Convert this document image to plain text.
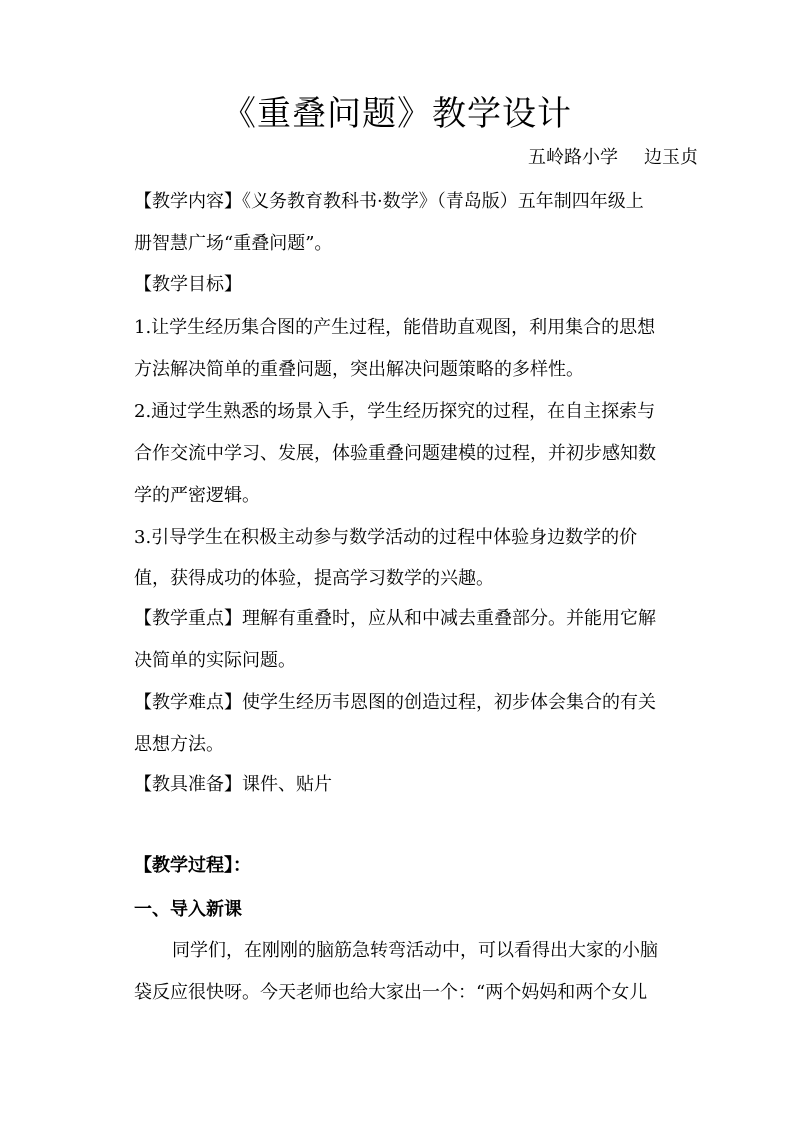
《重叠问题》教学设计
五岭路小学 边玉贞
【教学内容】《义务教育教科书·数学》（青岛版）五年制四年级上
册智慧广场“重叠问题”。
【教学目标】
1.让学生经历集合图的产生过程，能借助直观图，利用集合的思想
方法解决简单的重叠问题，突出解决问题策略的多样性。
2.通过学生熟悉的场景入手，学生经历探究的过程，在自主探索与
合作交流中学习、发展，体验重叠问题建模的过程，并初步感知数
学的严密逻辑。
3.引导学生在积极主动参与数学活动的过程中体验身边数学的价
值，获得成功的体验，提高学习数学的兴趣。
【教学重点】理解有重叠时，应从和中减去重叠部分。并能用它解
决简单的实际问题。
【教学难点】使学生经历韦恩图的创造过程，初步体会集合的有关
思想方法。
【教具准备】课件、贴片
【教学过程】：
一、导入新课
同学们，在刚刚的脑筋急转弯活动中，可以看得出大家的小脑
袋反应很快呀。今天老师也给大家出一个：“两个妈妈和两个女儿
